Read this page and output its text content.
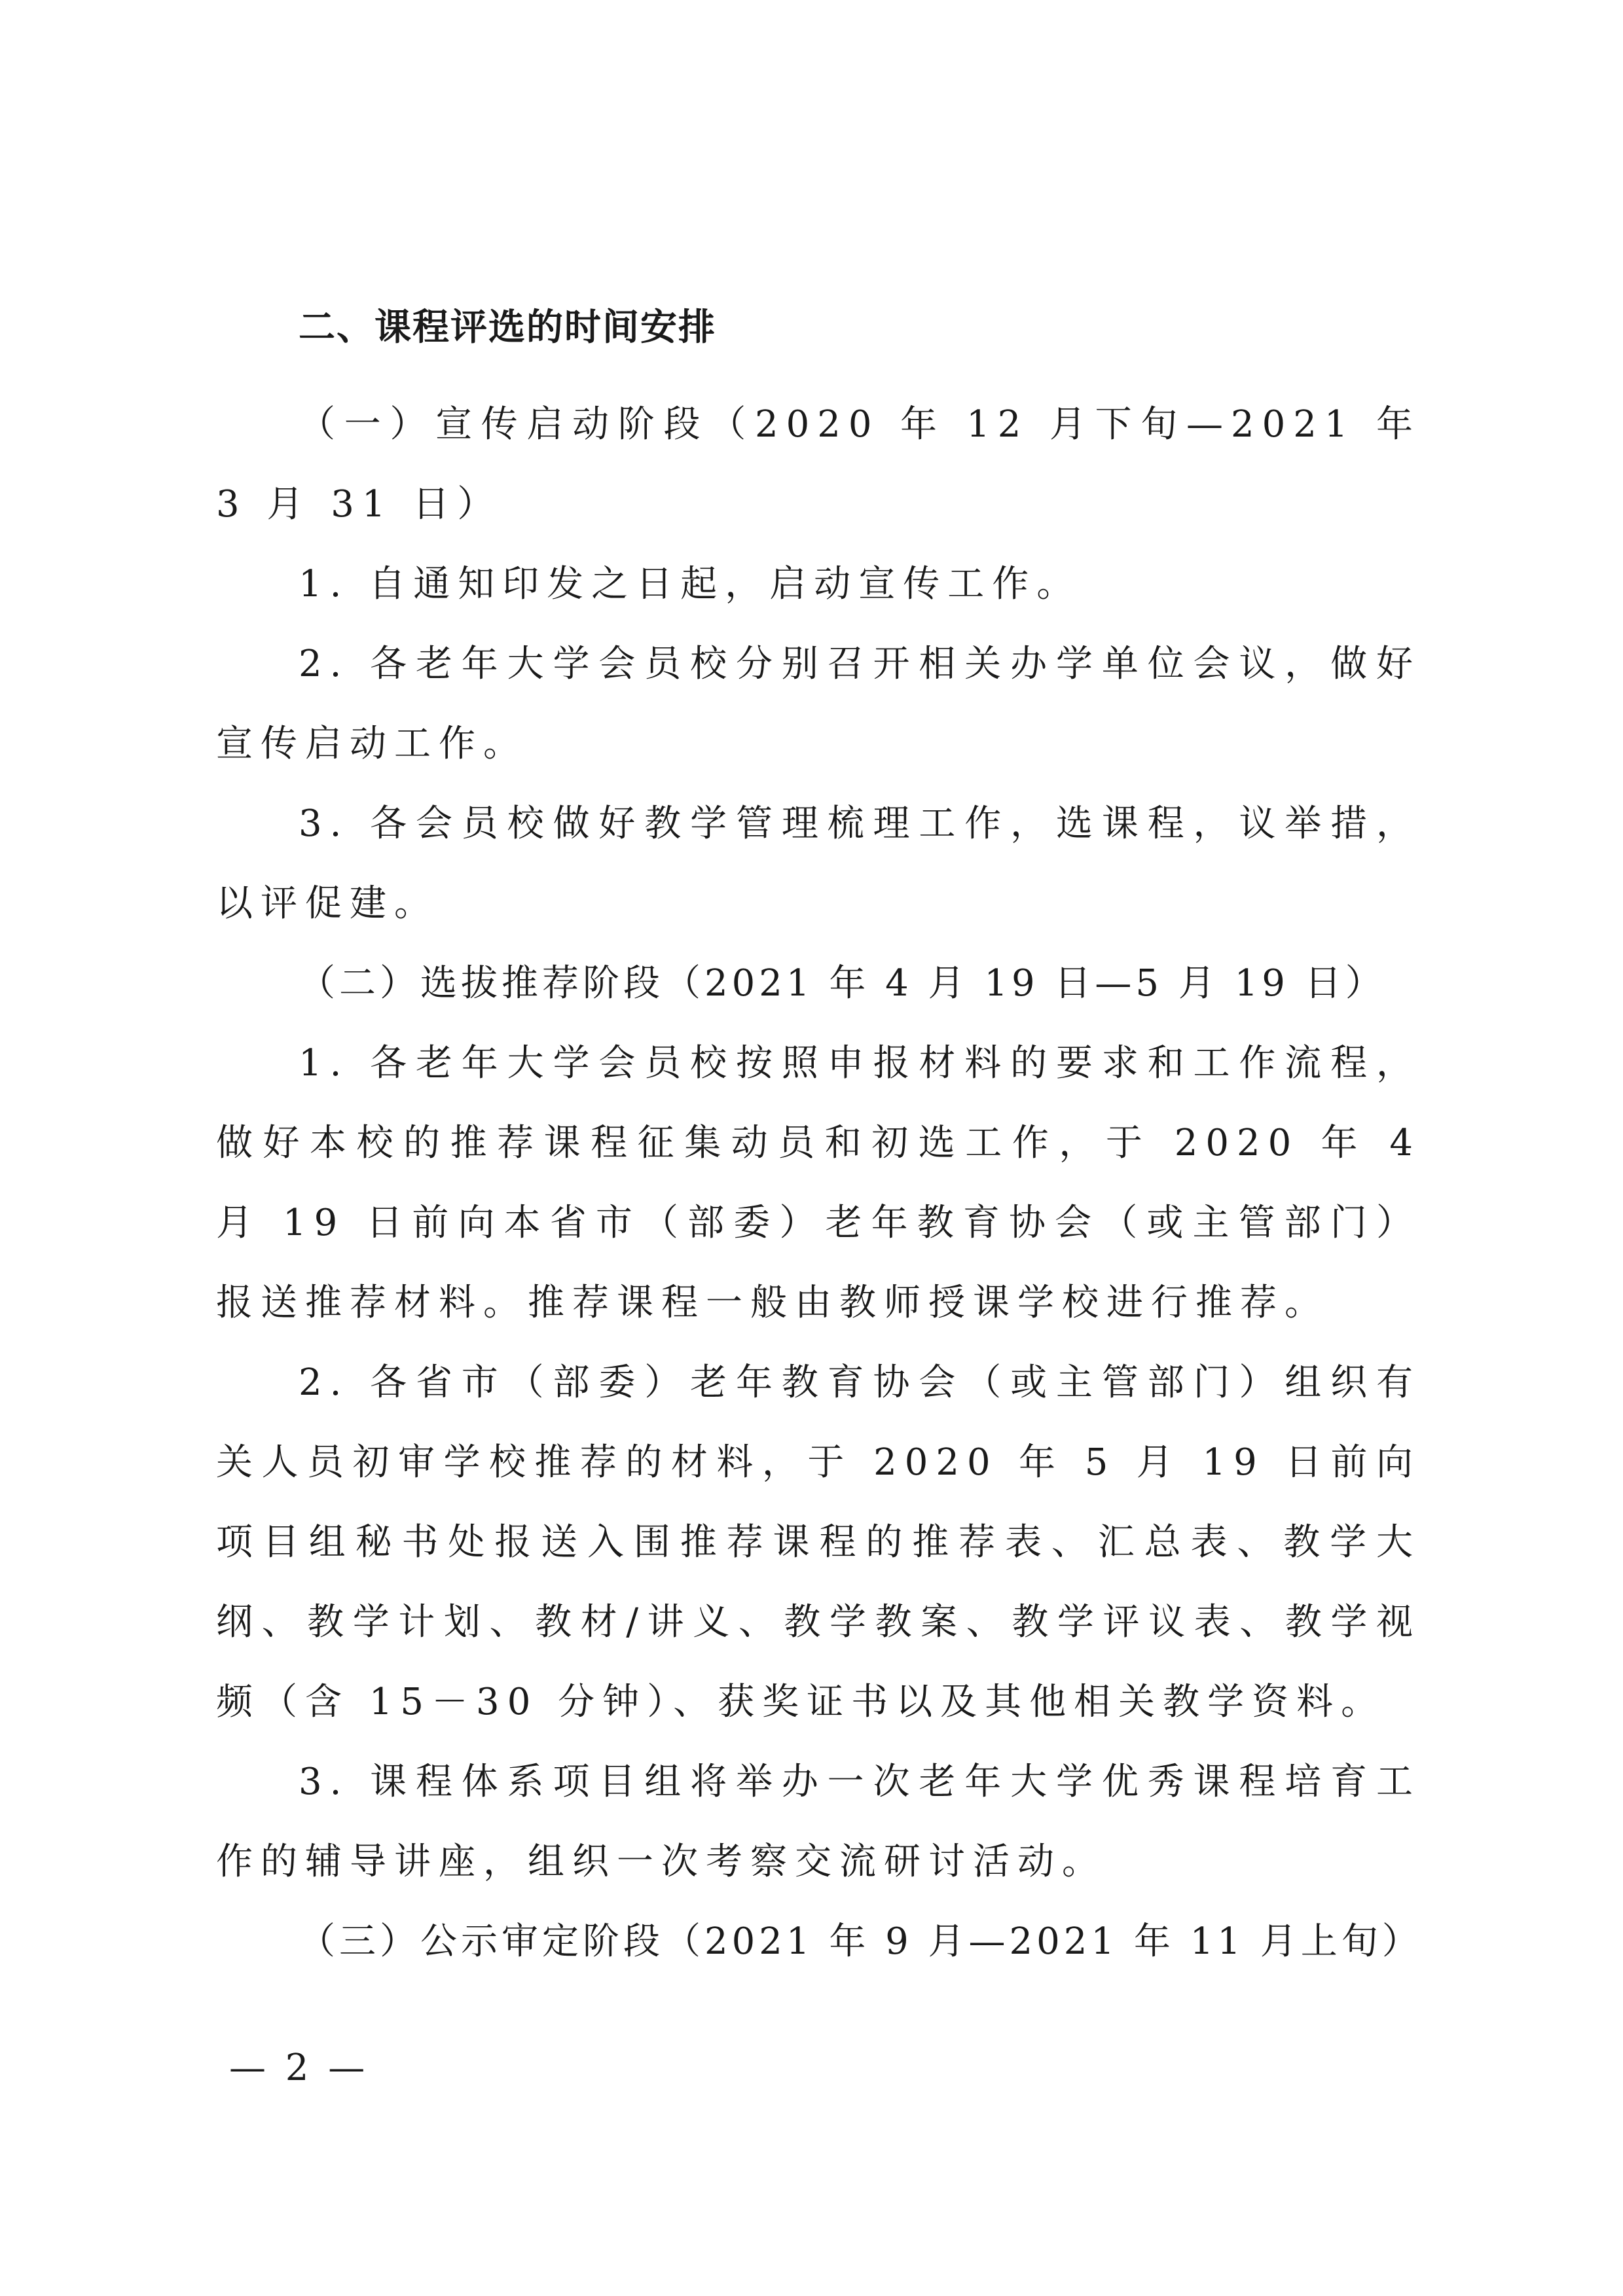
二、课程评选的时间安排

（一）宣传启动阶段（2020 年 12 月下旬—2021 年 3 月 31 日）

1. 自通知印发之日起，启动宣传工作。

2. 各老年大学会员校分别召开相关办学单位会议，做好宣传启动工作。

3. 各会员校做好教学管理梳理工作，选课程，议举措，以评促建。

（二）选拔推荐阶段（2021 年 4 月 19 日—5 月 19 日）

1. 各老年大学会员校按照申报材料的要求和工作流程，做好本校的推荐课程征集动员和初选工作，于 2020 年 4 月 19 日前向本省市（部委）老年教育协会（或主管部门）报送推荐材料。推荐课程一般由教师授课学校进行推荐。

2. 各省市（部委）老年教育协会（或主管部门）组织有关人员初审学校推荐的材料，于 2020 年 5 月 19 日前向项目组秘书处报送入围推荐课程的推荐表、汇总表、教学大纲、教学计划、教材/讲义、教学教案、教学评议表、教学视频（含 15－30 分钟）、获奖证书以及其他相关教学资料。

3. 课程体系项目组将举办一次老年大学优秀课程培育工作的辅导讲座，组织一次考察交流研讨活动。

（三）公示审定阶段（2021 年 9 月—2021 年 11 月上旬）

— 2 —
